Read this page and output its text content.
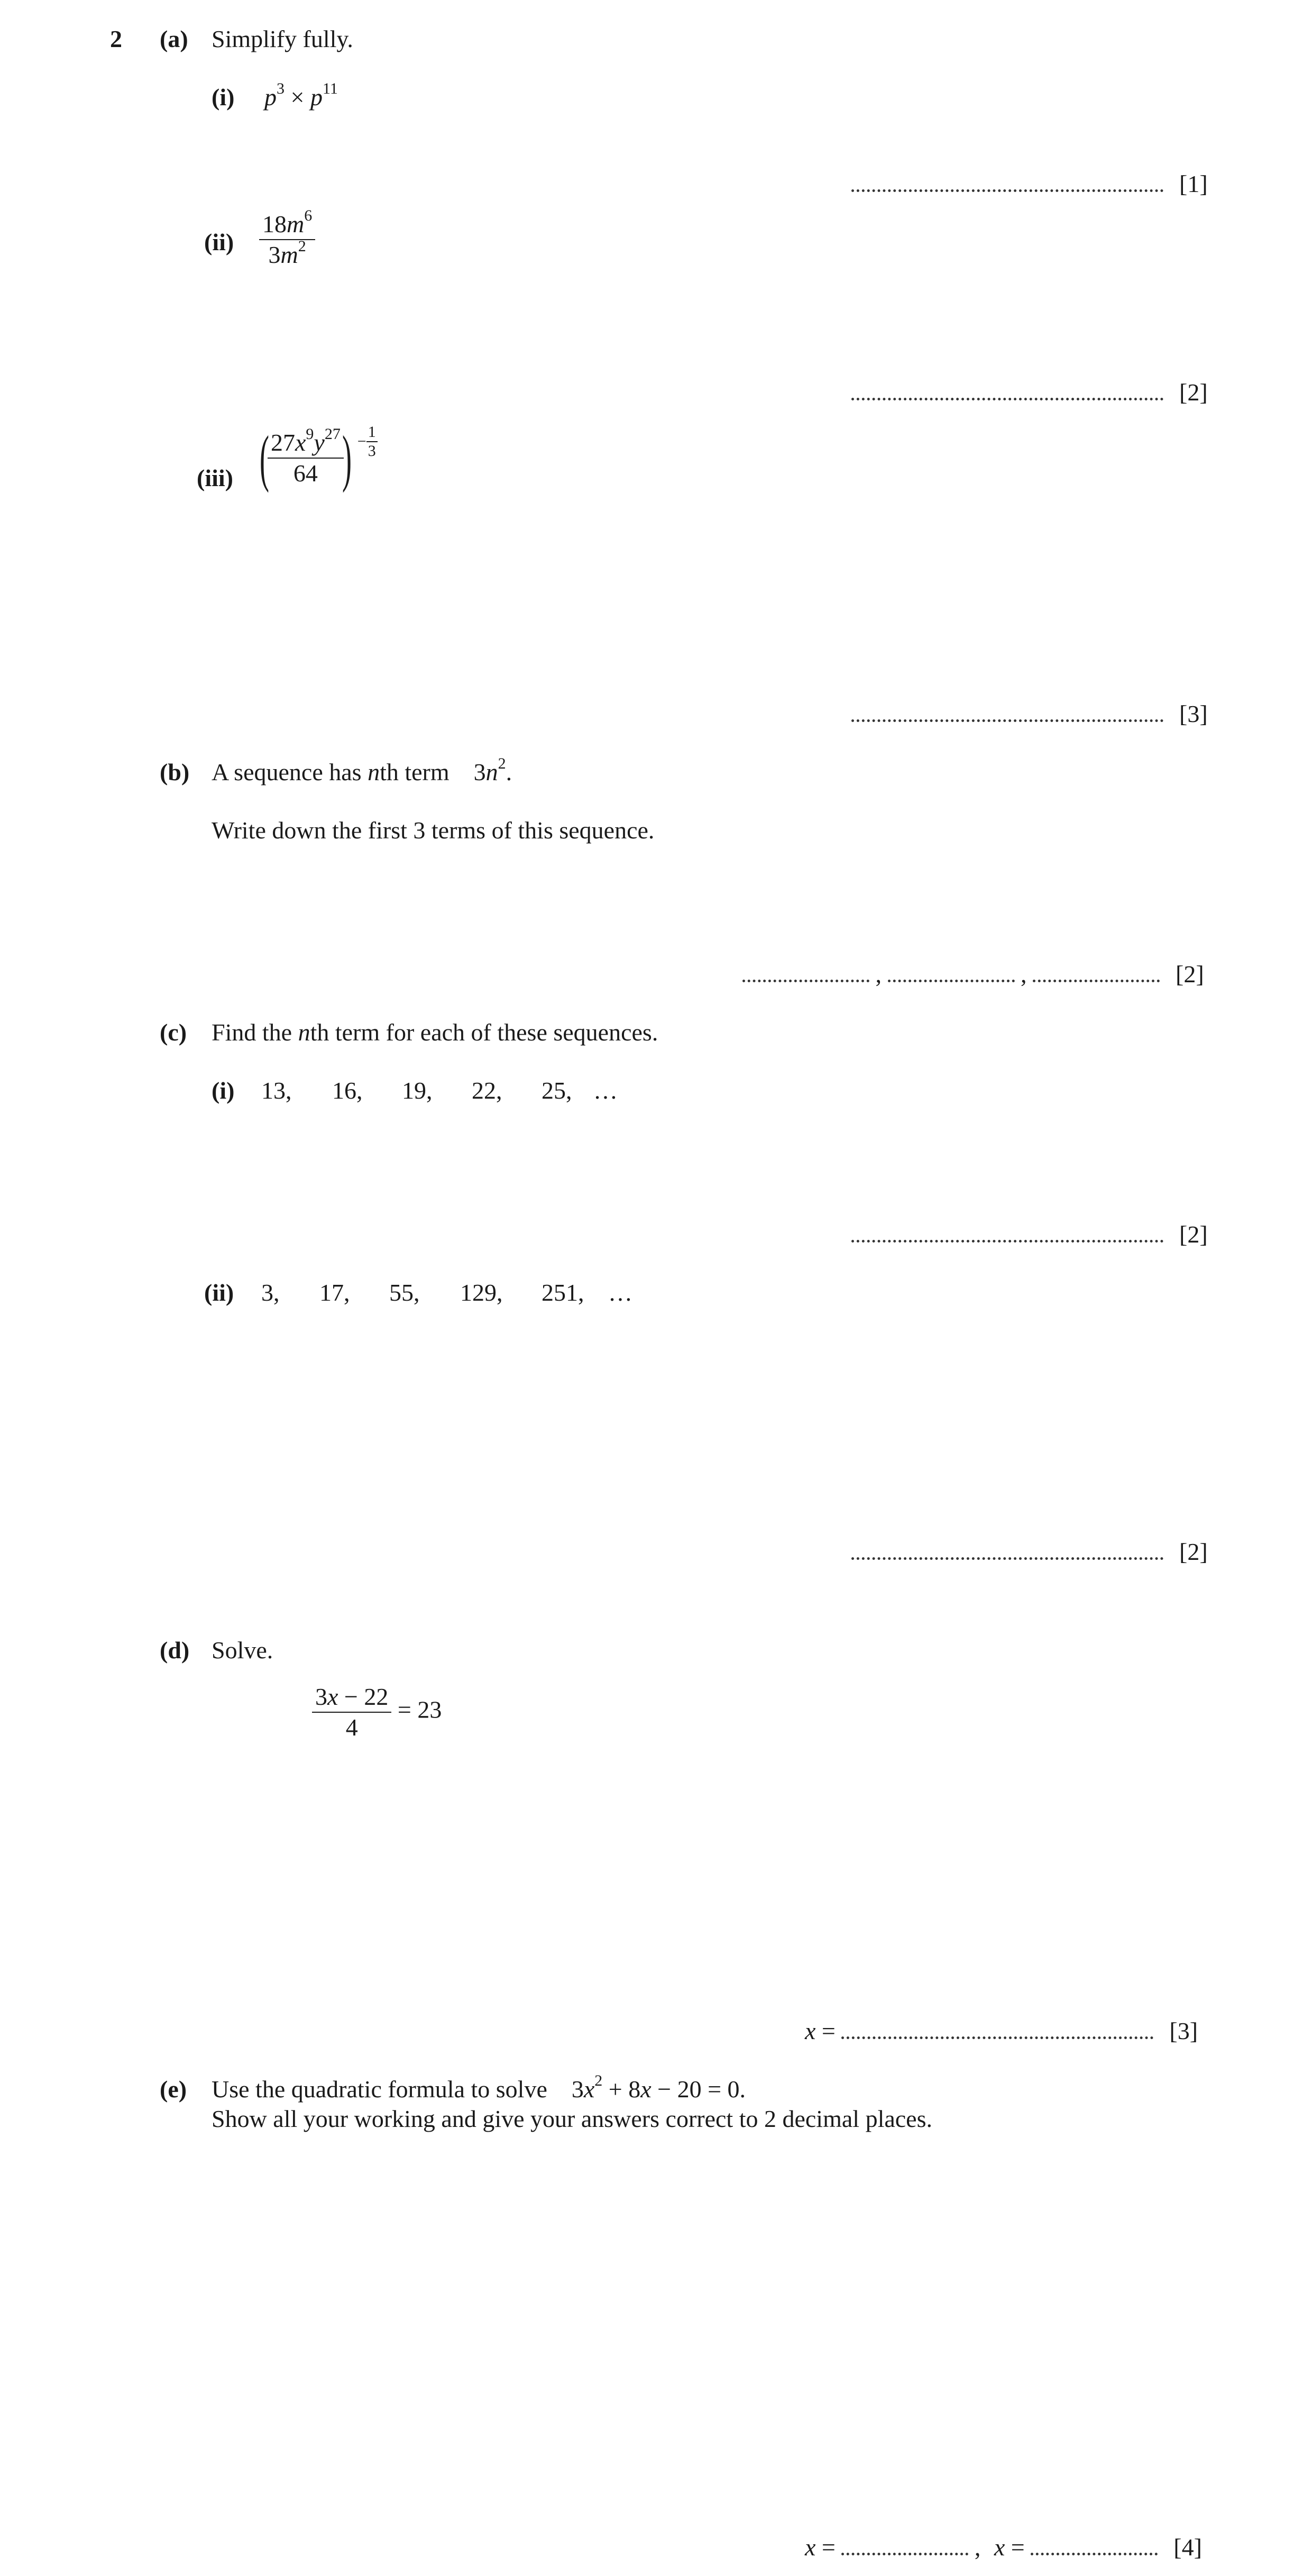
2 (a) Simplify fully.
(i) $p^3 \times p^{11}$
[1]
$(ii) \frac{18m^6}{3m^2}$
[2]
(iii) (
$\frac{27x^9y^{27}}{64}$
) − $\frac{1}{3}$
[3]
(b) A sequence has nth term $3n^2$.
Write down the first 3 terms of this sequence.
,	,	[2]
(c) Find the nth term for each of these sequences.
(i) 13, 16, 19, 22, 25, …
[2]
(ii) 3, 17, 55, 129, 251, …
[2]
(d) Solve.
$\frac{3x - 22}{4} = 23$
x =	[3]
(e) Use the quadratic formula to solve $3x^2 + 8x - 20 = 0$.
Show all your working and give your answers correct to 2 decimal places.
x =	, x =	[4]
